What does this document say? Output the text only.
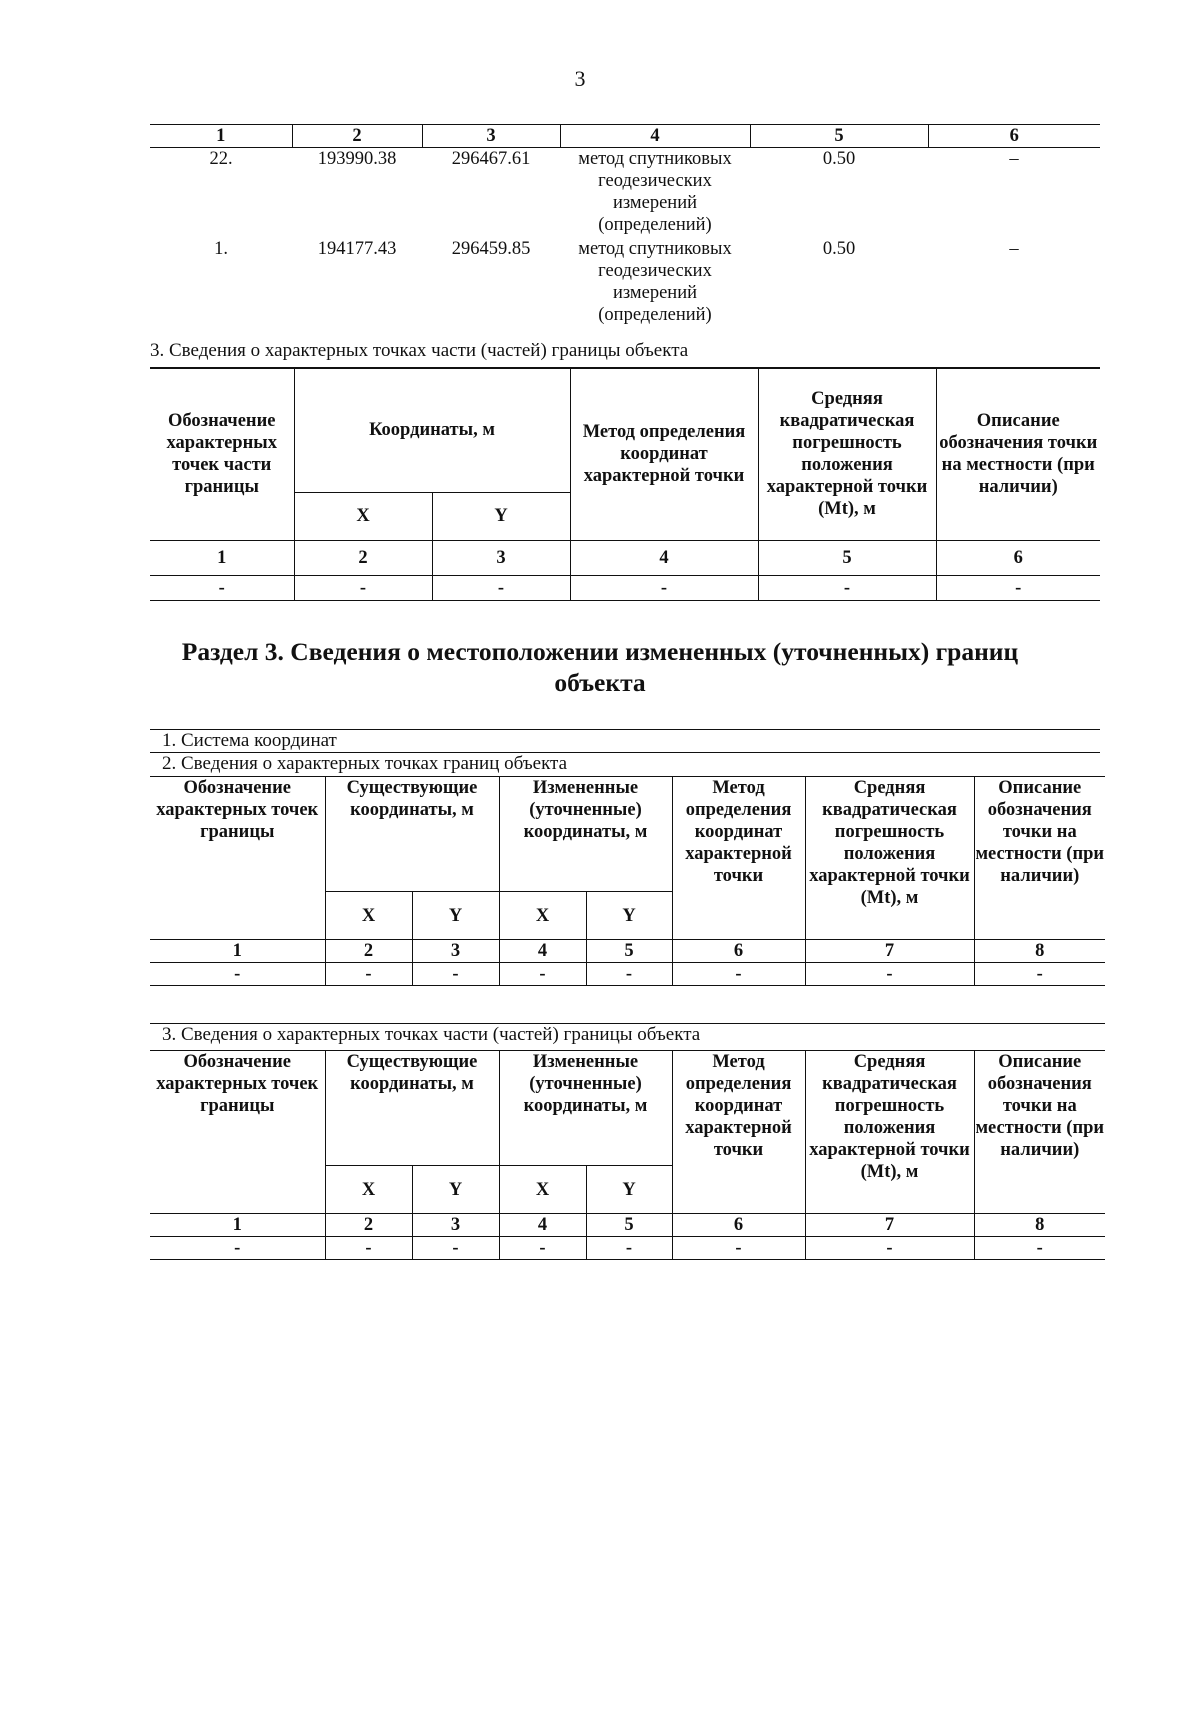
3
1	2	3	4	5	6
22.	193990.38	296467.61	метод спутниковых геодезических измерений (определений)	0.50	–
1.	194177.43	296459.85	метод спутниковых геодезических измерений (определений)	0.50	–
3. Сведения о характерных точках части (частей) границы объекта
Обозначение характерных точек части границы	Координаты, м		Метод определения координат характерной точки	Средняя квадратическая погрешность положения характерной точки (Mt), м	Описание обозначения точки на местности (при наличии)
	X	Y			
1	2	3	4	5	6
-	-	-	-	-	-
Раздел 3. Сведения о местоположении измененных (уточненных) границ объекта
1. Система координат
2. Сведения о характерных точках границ объекта
Обозначение характерных точек границы	Существующие координаты, м		Измененные (уточненные) координаты, м		Метод определения координат характерной точки	Средняя квадратическая погрешность положения характерной точки (Mt), м	Описание обозначения точки на местности (при наличии)
	X	Y	X	Y			
1	2	3	4	5	6	7	8
-	-	-	-	-	-	-	-
3. Сведения о характерных точках части (частей) границы объекта
Обозначение характерных точек границы	Существующие координаты, м		Измененные (уточненные) координаты, м		Метод определения координат характерной точки	Средняя квадратическая погрешность положения характерной точки (Mt), м	Описание обозначения точки на местности (при наличии)
	X	Y	X	Y			
1	2	3	4	5	6	7	8
-	-	-	-	-	-	-	-
